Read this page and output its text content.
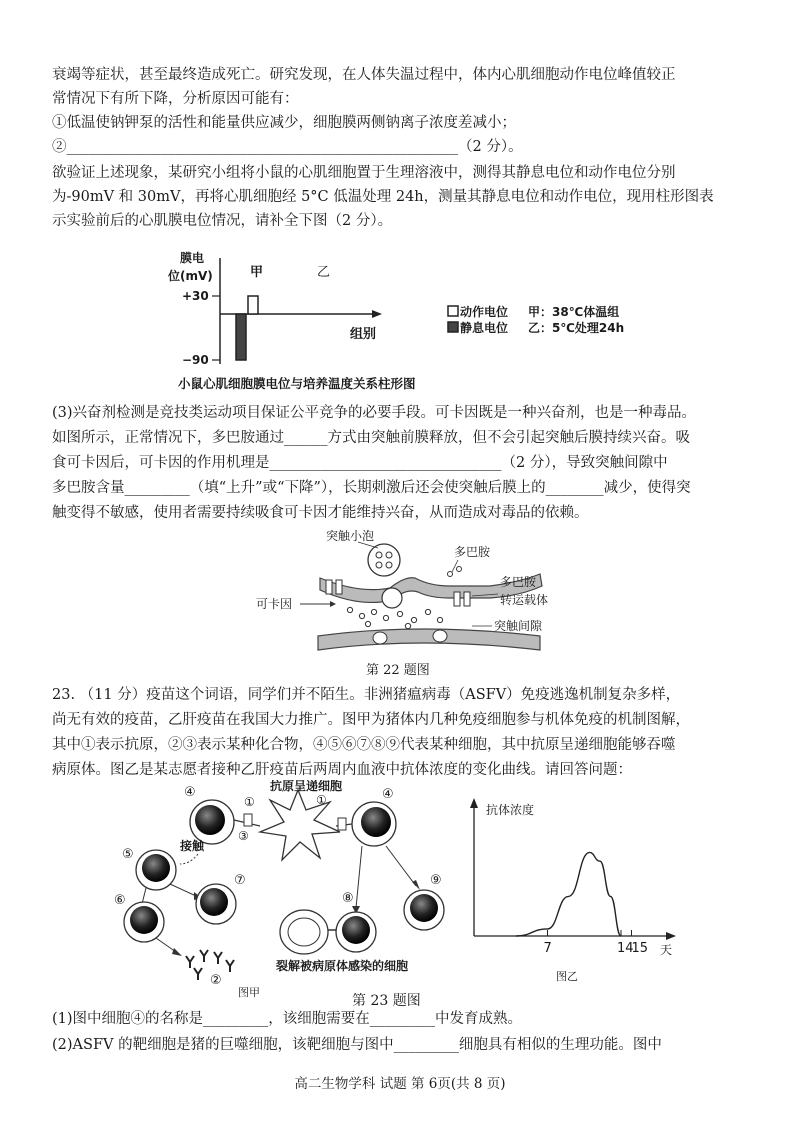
衰竭等症状，甚至最终造成死亡。研究发现，在人体失温过程中，体内心肌细胞动作电位峰值较正
常情况下有所下降，分析原因可能有：
①低温使钠钾泵的活性和能量供应减少，细胞膜两侧钠离子浓度差减小；
②______________________________________________________（2 分）。
欲验证上述现象，某研究小组将小鼠的心肌细胞置于生理溶液中，测得其静息电位和动作电位分别
为-90mV 和 30mV，再将心肌细胞经 5°C 低温处理 24h，测量其静息电位和动作电位，现用柱形图表
示实验前后的心肌膜电位情况，请补全下图（2 分）。
膜电
位(mV)	甲	乙
+30
−90
组别
动作电位 甲：38℃体温组
静息电位 乙：5℃处理24h
小鼠心肌细胞膜电位与培养温度关系柱形图
(3)兴奋剂检测是竞技类运动项目保证公平竞争的必要手段。可卡因既是一种兴奋剂，也是一种毒品。
如图所示，正常情况下，多巴胺通过______方式由突触前膜释放，但不会引起突触后膜持续兴奋。吸
食可卡因后，可卡因的作用机理是________________________________（2 分），导致突触间隙中
多巴胺含量_________（填“上升”或“下降”），长期刺激后还会使突触后膜上的________减少，使得突
触变得不敏感，使用者需要持续吸食可卡因才能维持兴奋，从而造成对毒品的依赖。
突触小泡
可卡因
多巴胺
转运载体
多巴胺
突触间隙
第 22 题图
23. （11 分）疫苗这个词语，同学们并不陌生。非洲猪瘟病毒（ASFV）免疫逃逸机制复杂多样，
尚无有效的疫苗，乙肝疫苗在我国大力推广。图甲为猪体内几种免疫细胞参与机体免疫的机制图解，
其中①表示抗原，②③表示某种化合物，④⑤⑥⑦⑧⑨代表某种细胞，其中抗原呈递细胞能够吞噬
病原体。图乙是某志愿者接种乙肝疫苗后两周内血液中抗体浓度的变化曲线。请回答问题：
④	抗原呈递细胞
①
③
④
①
接触
⑤
⑦
⑥
②
⑧
裂解被病原体感染的细胞
⑨
图甲
抗体浓度
天
7	14
15
图乙
第 23 题图
(1)图中细胞④的名称是_________，该细胞需要在_________中发育成熟。
(2)ASFV 的靶细胞是猪的巨噬细胞，该靶细胞与图中_________细胞具有相似的生理功能。图中
高二生物学科 试题 第 6页(共 8 页)
